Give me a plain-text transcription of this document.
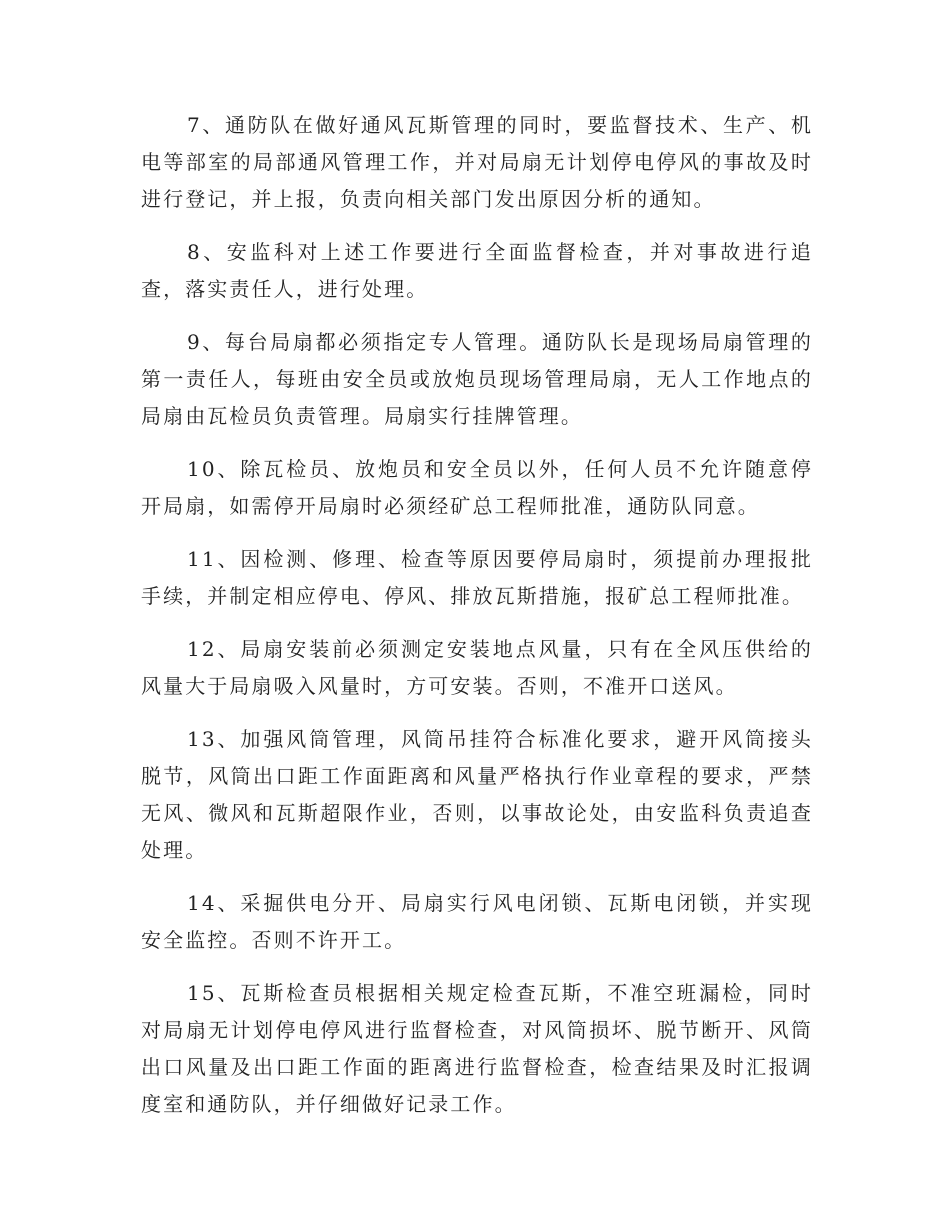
7、通防队在做好通风瓦斯管理的同时，要监督技术、生产、机电等部室的局部通风管理工作，并对局扇无计划停电停风的事故及时进行登记，并上报，负责向相关部门发出原因分析的通知。

8、安监科对上述工作要进行全面监督检查，并对事故进行追查，落实责任人，进行处理。

9、每台局扇都必须指定专人管理。通防队长是现场局扇管理的第一责任人，每班由安全员或放炮员现场管理局扇，无人工作地点的局扇由瓦检员负责管理。局扇实行挂牌管理。

10、除瓦检员、放炮员和安全员以外，任何人员不允许随意停开局扇，如需停开局扇时必须经矿总工程师批准，通防队同意。

11、因检测、修理、检查等原因要停局扇时，须提前办理报批手续，并制定相应停电、停风、排放瓦斯措施，报矿总工程师批准。

12、局扇安装前必须测定安装地点风量，只有在全风压供给的风量大于局扇吸入风量时，方可安装。否则，不准开口送风。

13、加强风筒管理，风筒吊挂符合标准化要求，避开风筒接头脱节，风筒出口距工作面距离和风量严格执行作业章程的要求，严禁无风、微风和瓦斯超限作业，否则，以事故论处，由安监科负责追查处理。

14、采掘供电分开、局扇实行风电闭锁、瓦斯电闭锁，并实现安全监控。否则不许开工。

15、瓦斯检查员根据相关规定检查瓦斯，不准空班漏检，同时对局扇无计划停电停风进行监督检查，对风筒损坏、脱节断开、风筒出口风量及出口距工作面的距离进行监督检查，检查结果及时汇报调度室和通防队，并仔细做好记录工作。
